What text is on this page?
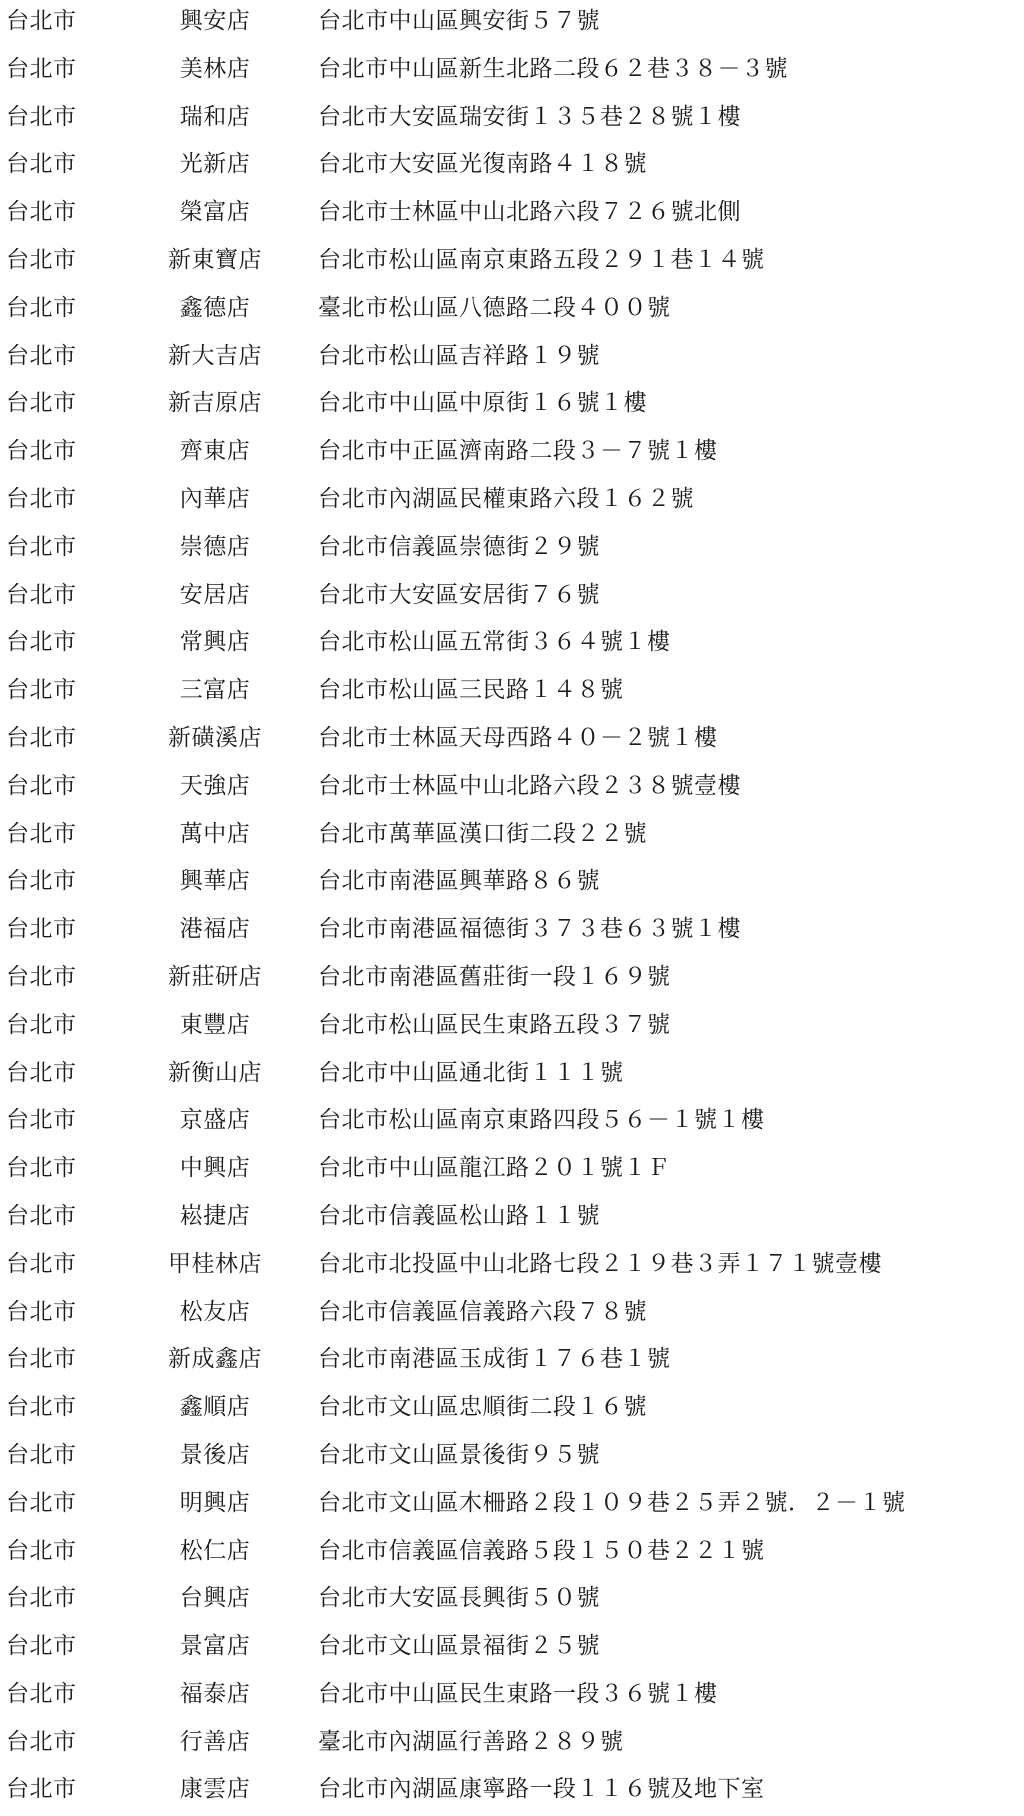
台北市	興安店	台北市中山區興安街５７號
台北市	美林店	台北市中山區新生北路二段６２巷３８－３號
台北市	瑞和店	台北市大安區瑞安街１３５巷２８號１樓
台北市	光新店	台北市大安區光復南路４１８號
台北市	榮富店	台北市士林區中山北路六段７２６號北側
台北市	新東寶店	台北市松山區南京東路五段２９１巷１４號
台北市	鑫德店	臺北市松山區八德路二段４００號
台北市	新大吉店	台北市松山區吉祥路１９號
台北市	新吉原店	台北市中山區中原街１６號１樓
台北市	齊東店	台北市中正區濟南路二段３－７號１樓
台北市	內華店	台北市內湖區民權東路六段１６２號
台北市	崇德店	台北市信義區崇德街２９號
台北市	安居店	台北市大安區安居街７６號
台北市	常興店	台北市松山區五常街３６４號１樓
台北市	三富店	台北市松山區三民路１４８號
台北市	新磺溪店	台北市士林區天母西路４０－２號１樓
台北市	天強店	台北市士林區中山北路六段２３８號壹樓
台北市	萬中店	台北市萬華區漢口街二段２２號
台北市	興華店	台北市南港區興華路８６號
台北市	港福店	台北市南港區福德街３７３巷６３號１樓
台北市	新莊研店	台北市南港區舊莊街一段１６９號
台北市	東豐店	台北市松山區民生東路五段３７號
台北市	新衡山店	台北市中山區通北街１１１號
台北市	京盛店	台北市松山區南京東路四段５６－１號１樓
台北市	中興店	台北市中山區龍江路２０１號１Ｆ
台北市	崧捷店	台北市信義區松山路１１號
台北市	甲桂林店	台北市北投區中山北路七段２１９巷３弄１７１號壹樓
台北市	松友店	台北市信義區信義路六段７８號
台北市	新成鑫店	台北市南港區玉成街１７６巷１號
台北市	鑫順店	台北市文山區忠順街二段１６號
台北市	景後店	台北市文山區景後街９５號
台北市	明興店	台北市文山區木柵路２段１０９巷２５弄２號．２－１號
台北市	松仁店	台北市信義區信義路５段１５０巷２２１號
台北市	台興店	台北市大安區長興街５０號
台北市	景富店	台北市文山區景福街２５號
台北市	福泰店	台北市中山區民生東路一段３６號１樓
台北市	行善店	臺北市內湖區行善路２８９號
台北市	康雲店	台北市內湖區康寧路一段１１６號及地下室
